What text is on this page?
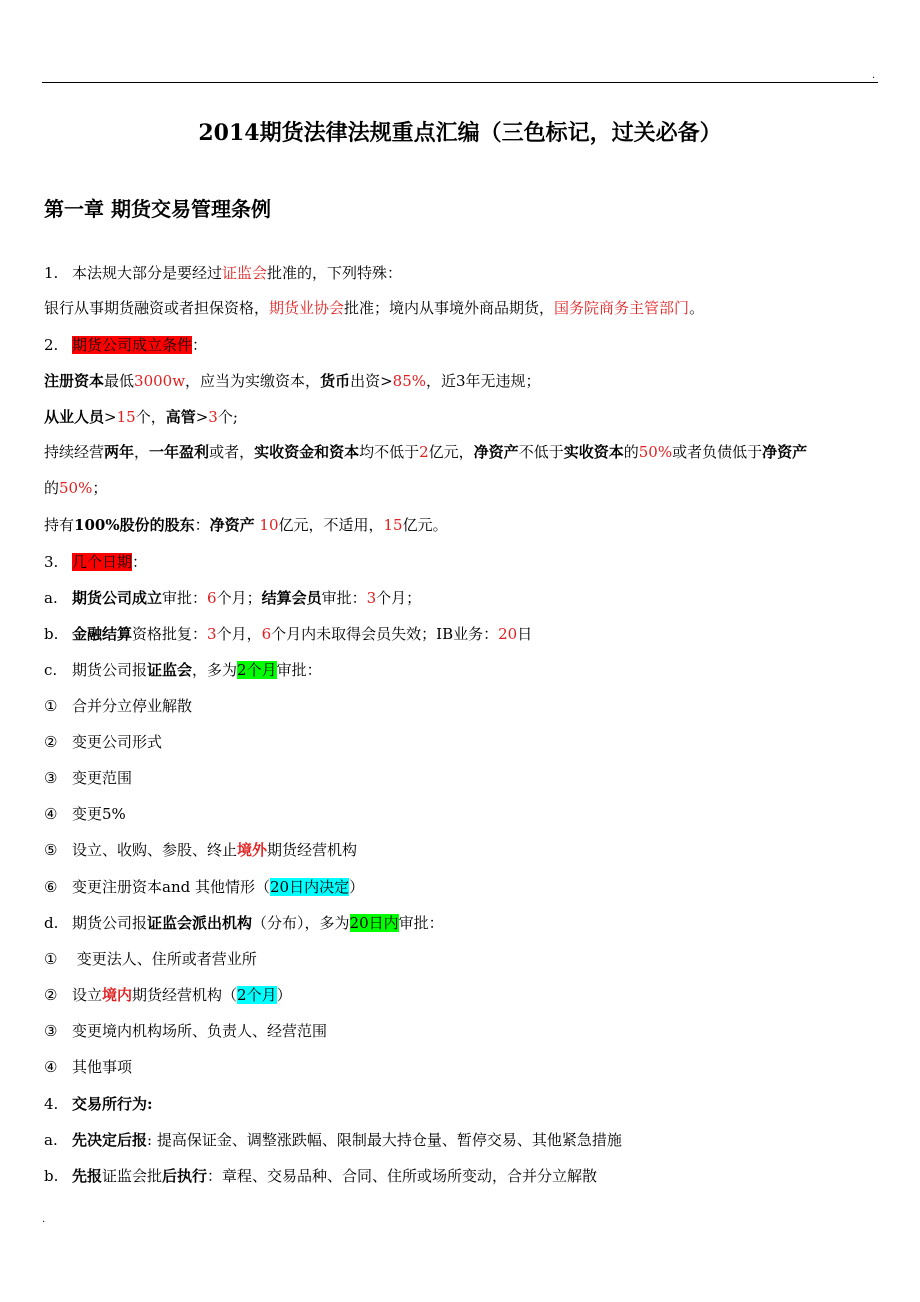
.
2014期货法律法规重点汇编（三色标记，过关必备）
第一章 期货交易管理条例
1. 本法规大部分是要经过证监会批准的，下列特殊：
银行从事期货融资或者担保资格，期货业协会批准；境内从事境外商品期货，国务院商务主管部门。
2. 期货公司成立条件：
注册资本最低3000w，应当为实缴资本，货币出资>85%，近3年无违规；
从业人员>15个，高管>3个;
持续经营两年，一年盈利或者，实收资金和资本均不低于2亿元，净资产不低于实收资本的50%或者负债低于净资产
的50%；
持有100%股份的股东：净资产 10亿元，不适用，15亿元。
3. 几个日期：
a. 期货公司成立审批：6个月；结算会员审批：3个月；
b. 金融结算资格批复：3个月，6个月内未取得会员失效；IB业务：20日
c. 期货公司报证监会，多为2个月审批：
① 合并分立停业解散
② 变更公司形式
③ 变更范围
④ 变更5%
⑤ 设立、收购、参股、终止境外期货经营机构
⑥ 变更注册资本and 其他情形（20日内决定）
d. 期货公司报证监会派出机构（分布），多为20日内审批：
① 变更法人、住所或者营业所
② 设立境内期货经营机构（2个月）
③ 变更境内机构场所、负责人、经营范围
④ 其他事项
4. 交易所行为:
a. 先决定后报: 提高保证金、调整涨跌幅、限制最大持仓量、暂停交易、其他紧急措施
b. 先报证监会批后执行：章程、交易品种、合同、住所或场所变动，合并分立解散
.
